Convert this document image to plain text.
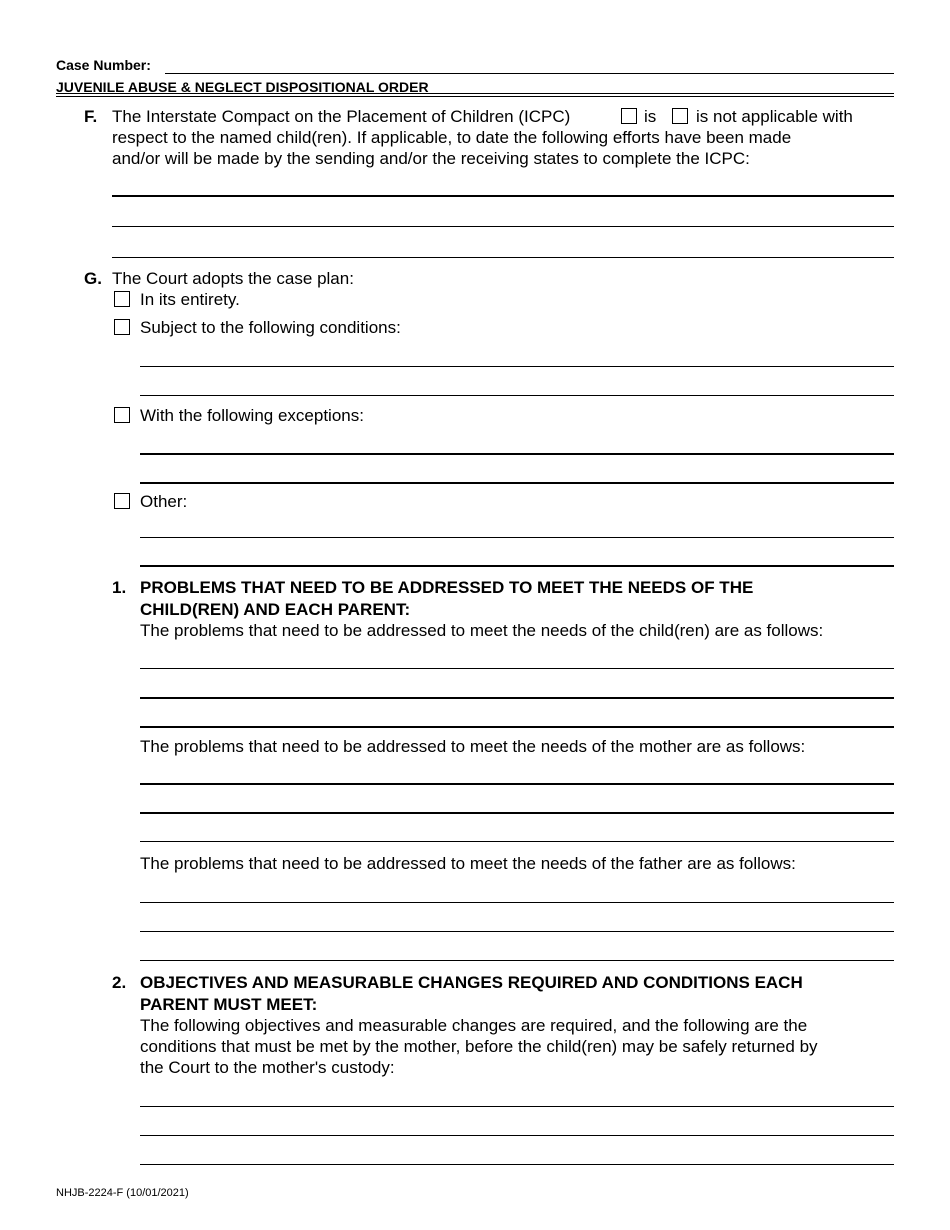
Case Number:
JUVENILE ABUSE & NEGLECT DISPOSITIONAL ORDER
F. The Interstate Compact on the Placement of Children (ICPC)	is is not applicable with
respect to the named child(ren). If applicable, to date the following efforts have been made
and/or will be made by the sending and/or the receiving states to complete the ICPC:
G. The Court adopts the case plan:
In its entirety.
Subject to the following conditions:
With the following exceptions:
Other:
1. PROBLEMS THAT NEED TO BE ADDRESSED TO MEET THE NEEDS OF THE
CHILD(REN) AND EACH PARENT:
The problems that need to be addressed to meet the needs of the child(ren) are as follows:
The problems that need to be addressed to meet the needs of the mother are as follows:
The problems that need to be addressed to meet the needs of the father are as follows:
2. OBJECTIVES AND MEASURABLE CHANGES REQUIRED AND CONDITIONS EACH
PARENT MUST MEET:
The following objectives and measurable changes are required, and the following are the
conditions that must be met by the mother, before the child(ren) may be safely returned by
the Court to the mother's custody:
NHJB-2224-F (10/01/2021)
